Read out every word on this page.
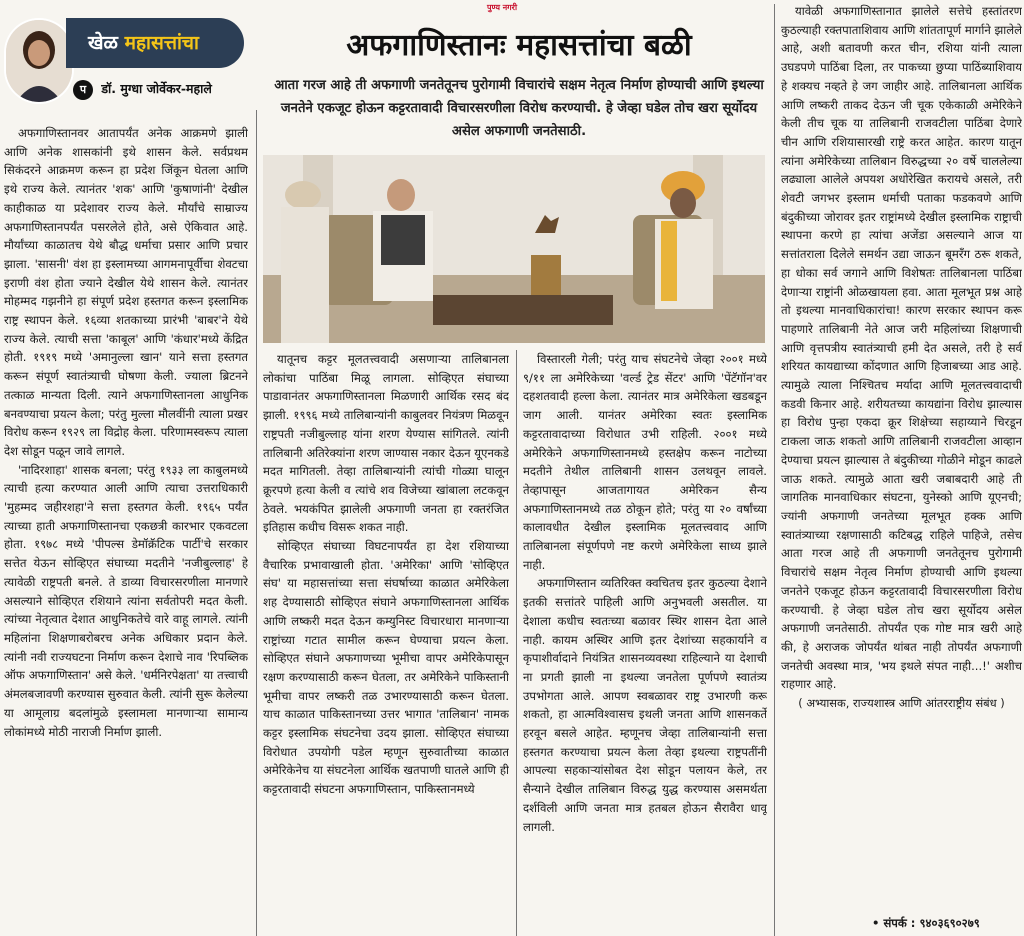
पुण्य नगरी
खेळ महासत्तांचा
प डॉ. मुग्धा जोर्वेकर-महाले
अफगाणिस्तानः महासत्तांचा बळी
आता गरज आहे ती अफगाणी जनतेतूनच पुरोगामी विचारांचे सक्षम नेतृत्व निर्माण होण्याची आणि इथल्या जनतेने एकजूट होऊन कट्टरतावादी विचारसरणीला विरोध करण्याची. हे जेव्हा घडेल तोच खरा सूर्योदय असेल अफगाणी जनतेसाठी.

अफगाणिस्तानवर आतापर्यंत अनेक आक्रमणे झाली आणि अनेक शासकांनी इथे शासन केले. सर्वप्रथम सिकंदरने आक्रमण करून हा प्रदेश जिंकून घेतला आणि इथे राज्य केले. त्यानंतर 'शक' आणि 'कुषाणांनी' देखील काहीकाळ या प्रदेशावर राज्य केले. मौर्यांचे साम्राज्य अफगाणिस्तानपर्यंत पसरलेले होते, असे ऐकिवात आहे. मौर्यांच्या काळातच येथे बौद्ध धर्माचा प्रसार आणि प्रचार झाला. 'सासनी' वंश हा इस्लामच्या आगमनापूर्वीचा शेवटचा इराणी वंश होता ज्याने देखील येथे शासन केले. त्यानंतर मोहम्मद गझनीने हा संपूर्ण प्रदेश हस्तगत करून इस्लामिक राष्ट्र स्थापन केले. १६व्या शतकाच्या प्रारंभी 'बाबर'ने येथे राज्य केले. त्याची सत्ता 'काबूल' आणि 'कंधार'मध्ये केंद्रित होती. १९१९ मध्ये 'अमानुल्ला खान' याने सत्ता हस्तगत करून संपूर्ण स्वातंत्र्याची घोषणा केली. ज्याला ब्रिटनने तत्काळ मान्यता दिली. त्याने अफगाणिस्तानला आधुनिक बनवण्याचा प्रयत्न केला; परंतु मुल्ला मौलवींनी त्याला प्रखर विरोध करून १९२९ ला विद्रोह केला. परिणामस्वरूप त्याला देश सोडून पळून जावे लागले.

'नादिरशाहा' शासक बनला; परंतु १९३३ ला काबुलमध्ये त्याची हत्या करण्यात आली आणि त्याचा उत्तराधिकारी 'मुहम्मद जहीरशहा'ने सत्ता हस्तगत केली. १९६५ पर्यंत त्याच्या हाती अफगाणिस्तानचा एकछत्री कारभार एकवटला होता. १९७८ मध्ये 'पीपल्स डेमॉक्रॅटिक पार्टी'चे सरकार सत्तेत येऊन सोव्हिएत संघाच्या मदतीने 'नजीबुल्लाह' हे त्यावेळी राष्ट्रपती बनले. ते डाव्या विचारसरणीला मानणारे असल्याने सोव्हिएत रशियाने त्यांना सर्वतोपरी मदत केली. त्यांच्या नेतृत्वात देशात आधुनिकतेचे वारे वाहू लागले. त्यांनी महिलांना शिक्षणाबरोबरच अनेक अधिकार प्रदान केले. त्यांनी नवी राज्यघटना निर्माण करून देशाचे नाव 'रिपब्लिक ऑफ अफगाणिस्तान' असे केले. 'धर्मनिरपेक्षता' या तत्त्वाची अंमलबजावणी करण्यास सुरुवात केली. त्यांनी सुरू केलेल्या या आमूलाग्र बदलांमुळे इस्लामला मानणाऱ्या सामान्य लोकांमध्ये मोठी नाराजी निर्माण झाली.

यातूनच कट्टर मूलतत्त्ववादी असणाऱ्या तालिबानला लोकांचा पाठिंबा मिळू लागला. सोव्हिएत संघाच्या पाडावानंतर अफगाणिस्तानला मिळणारी आर्थिक रसद बंद झाली. १९९६ मध्ये तालिबान्यांनी काबुलवर नियंत्रण मिळवून राष्ट्रपती नजीबुल्लाह यांना शरण येण्यास सांगितले. त्यांनी तालिबानी अतिरेक्यांना शरण जाण्यास नकार देऊन यूएनकडे मदत मागितली. तेव्हा तालिबान्यांनी त्यांची गोळ्या घालून क्रूरपणे हत्या केली व त्यांचे शव विजेच्या खांबाला लटकवून ठेवले. भयकंपित झालेली अफगाणी जनता हा रक्तरंजित इतिहास कधीच विसरू शकत नाही.

सोव्हिएत संघाच्या विघटनापर्यंत हा देश रशियाच्या वैचारिक प्रभावाखाली होता. 'अमेरिका' आणि 'सोव्हिएत संघ' या महासत्तांच्या सत्ता संघर्षाच्या काळात अमेरिकेला शह देण्यासाठी सोव्हिएत संघाने अफगाणिस्तानला आर्थिक आणि लष्करी मदत देऊन कम्युनिस्ट विचारधारा मानणाऱ्या राष्ट्रांच्या गटात सामील करून घेण्याचा प्रयत्न केला. सोव्हिएत संघाने अफगाणच्या भूमीचा वापर अमेरिकेपासून रक्षण करण्यासाठी करून घेतला, तर अमेरिकेने पाकिस्तानी भूमीचा वापर लष्करी तळ उभारण्यासाठी करून घेतला. याच काळात पाकिस्तानच्या उत्तर भागात 'तालिबान' नामक कट्टर इस्लामिक संघटनेचा उदय झाला. सोव्हिएत संघाच्या विरोधात उपयोगी पडेल म्हणून सुरुवातीच्या काळात अमेरिकेनेच या संघटनेला आर्थिक खतपाणी घातले आणि ही कट्टरतावादी संघटना अफगाणिस्तान, पाकिस्तानमध्ये

विस्तारली गेली; परंतु याच संघटनेचे जेव्हा २००१ मध्ये ९/११ ला अमेरिकेच्या 'वर्ल्ड ट्रेड सेंटर' आणि 'पेंटॅगॉन'वर दहशतवादी हल्ला केला. त्यानंतर मात्र अमेरिकेला खडबडून जाग आली. यानंतर अमेरिका स्वतः इस्लामिक कट्टरतावादाच्या विरोधात उभी राहिली. २००१ मध्ये अमेरिकेने अफगाणिस्तानमध्ये हस्तक्षेप करून नाटोच्या मदतीने तेथील तालिबानी शासन उलथवून लावले. तेव्हापासून आजतागायत अमेरिकन सैन्य अफगाणिस्तानमध्ये तळ ठोकून होते; परंतु या २० वर्षांच्या कालावधीत देखील इस्लामिक मूलतत्त्ववाद आणि तालिबानला संपूर्णपणे नष्ट करणे अमेरिकेला साध्य झाले नाही.

अफगाणिस्तान व्यतिरिक्त क्वचितच इतर कुठल्या देशाने इतकी सत्तांतरे पाहिली आणि अनुभवली असतील. या देशाला कधीच स्वतःच्या बळावर स्थिर शासन देता आले नाही. कायम अस्थिर आणि इतर देशांच्या सहकार्याने व कृपाशीर्वादाने नियंत्रित शासनव्यवस्था राहिल्याने या देशाची ना प्रगती झाली ना इथल्या जनतेला पूर्णपणे स्वातंत्र्य उपभोगता आले. आपण स्वबळावर राष्ट्र उभारणी करू शकतो, हा आत्मविश्वासच इथली जनता आणि शासनकर्ते हरवून बसले आहेत. म्हणूनच जेव्हा तालिबान्यांनी सत्ता हस्तगत करण्याचा प्रयत्न केला तेव्हा इथल्या राष्ट्रपतींनी आपल्या सहकाऱ्यांसोबत देश सोडून पलायन केले, तर सैन्याने देखील तालिबान विरुद्ध युद्ध करण्यास असमर्थता दर्शविली आणि जनता मात्र हतबल होऊन सैरावैरा धावू लागली.

यावेळी अफगाणिस्तानात झालेले सत्तेचे हस्तांतरण कुठल्याही रक्तपाताशिवाय आणि शांततापूर्ण मार्गाने झालेले आहे, अशी बतावणी करत चीन, रशिया यांनी त्याला उघडपणे पाठिंबा दिला, तर पाकच्या छुप्या पाठिंब्याशिवाय हे शक्यच नव्हते हे जग जाहीर आहे. तालिबानला आर्थिक आणि लष्करी ताकद देऊन जी चूक एकेकाळी अमेरिकेने केली तीच चूक या तालिबानी राजवटीला पाठिंबा देणारे चीन आणि रशियासारखी राष्ट्रे करत आहेत. कारण यातून त्यांना अमेरिकेच्या तालिबान विरुद्धच्या २० वर्षे चाललेल्या लढ्याला आलेले अपयश अधोरेखित करायचे असले, तरी शेवटी जगभर इस्लाम धर्माची पताका फडकवणे आणि बंदुकीच्या जोरावर इतर राष्ट्रांमध्ये देखील इस्लामिक राष्ट्राची स्थापना करणे हा त्यांचा अजेंडा असल्याने आज या सत्तांतराला दिलेले समर्थन उद्या जाऊन बूमरँग ठरू शकते, हा धोका सर्व जगाने आणि विशेषतः तालिबानला पाठिंबा देणाऱ्या राष्ट्रांनी ओळखायला हवा. आता मूलभूत प्रश्न आहे तो इथल्या मानवाधिकारांचा! कारण सरकार स्थापन करू पाहणारे तालिबानी नेते आज जरी महिलांच्या शिक्षणाची आणि वृत्तपत्रीय स्वातंत्र्याची हमी देत असले, तरी हे सर्व शरियत कायद्याच्या कोंदणात आणि हिजाबच्या आड आहे. त्यामुळे त्याला निश्चितच मर्यादा आणि मूलतत्त्ववादाची कडवी किनार आहे. शरीयतच्या कायद्यांना विरोध झाल्यास हा विरोध पुन्हा एकदा क्रूर शिक्षेच्या सहाय्याने चिरडून टाकला जाऊ शकतो आणि तालिबानी राजवटीला आव्हान देण्याचा प्रयत्न झाल्यास ते बंदुकीच्या गोळीने मोडून काढले जाऊ शकते. त्यामुळे आता खरी जबाबदारी आहे ती जागतिक मानवाधिकार संघटना, युनेस्को आणि यूएनची; ज्यांनी अफगाणी जनतेच्या मूलभूत हक्क आणि स्वातंत्र्याच्या रक्षणासाठी कटिबद्ध राहिले पाहिजे, तसेच आता गरज आहे ती अफगाणी जनतेतूनच पुरोगामी विचारांचे सक्षम नेतृत्व निर्माण होण्याची आणि इथल्या जनतेने एकजूट होऊन कट्टरतावादी विचारसरणीला विरोध करण्याची. हे जेव्हा घडेल तोच खरा सूर्योदय असेल अफगाणी जनतेसाठी. तोपर्यंत एक गोष्ट मात्र खरी आहे की, हे अराजक जोपर्यंत थांबत नाही तोपर्यंत अफगाणी जनतेची अवस्था मात्र, 'भय इथले संपत नाही...!' अशीच राहणार आहे.

( अभ्यासक, राज्यशास्त्र आणि आंतरराष्ट्रीय संबंध )

• संपर्क : ९४०३६९०२७९
